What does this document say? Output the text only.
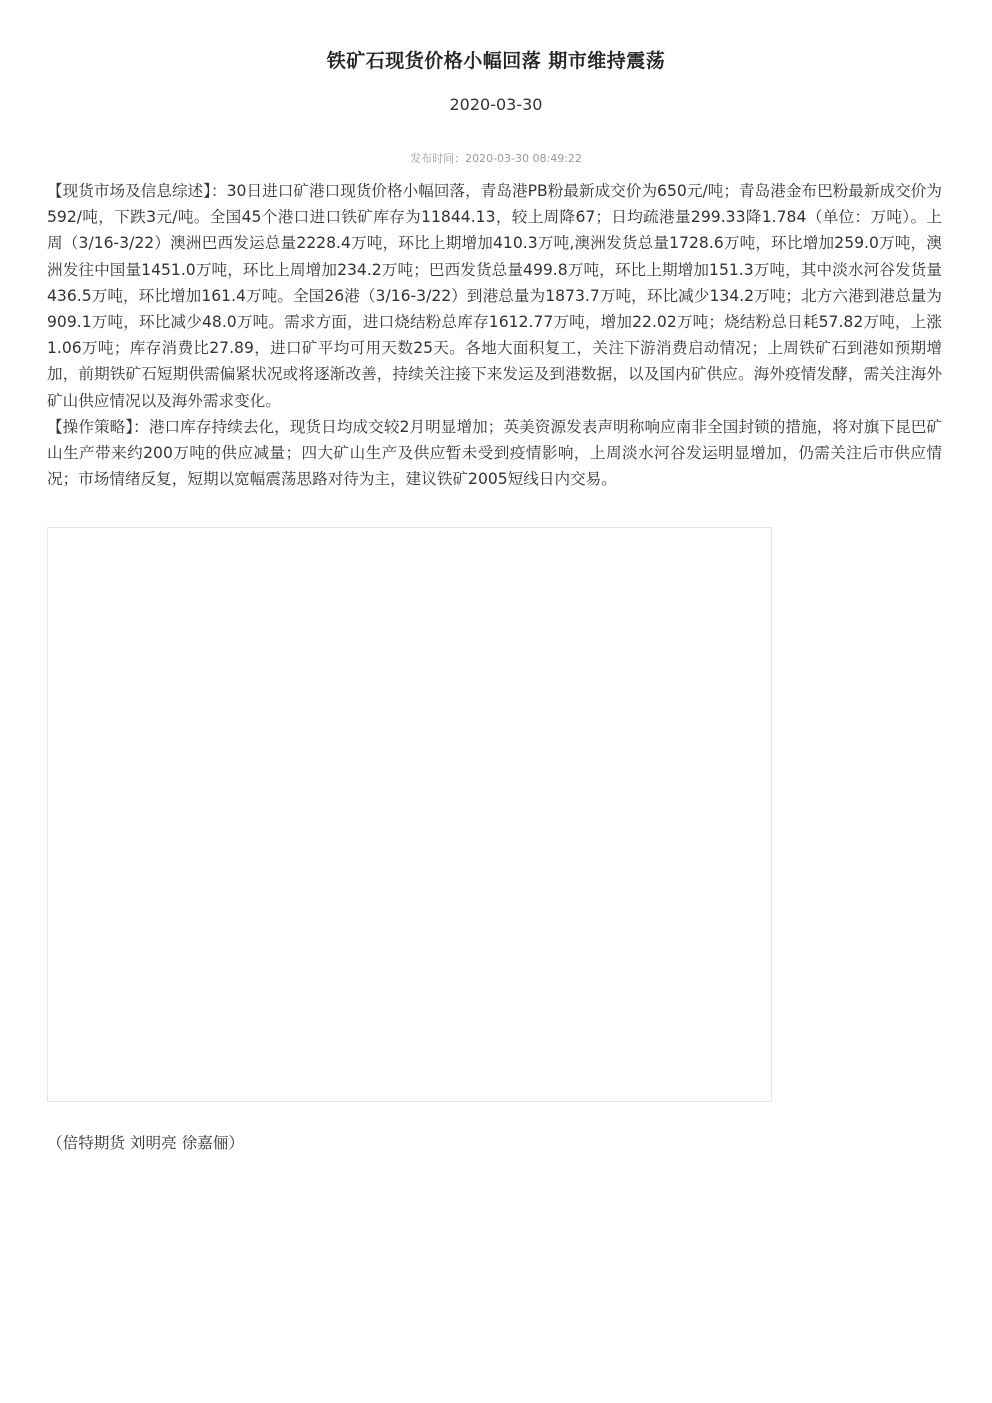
铁矿石现货价格小幅回落 期市维持震荡
2020-03-30
发布时间：2020-03-30 08:49:22

【现货市场及信息综述】：30日进口矿港口现货价格小幅回落，青岛港PB粉最新成交价为650元/吨；青岛港金布巴粉最新成交价为592/吨，下跌3元/吨。全国45个港口进口铁矿库存为11844.13，较上周降67；日均疏港量299.33降1.784（单位：万吨）。上周（3/16-3/22）澳洲巴西发运总量2228.4万吨，环比上期增加410.3万吨,澳洲发货总量1728.6万吨，环比增加259.0万吨，澳洲发往中国量1451.0万吨，环比上周增加234.2万吨；巴西发货总量499.8万吨，环比上期增加151.3万吨，其中淡水河谷发货量436.5万吨，环比增加161.4万吨。全国26港（3/16-3/22）到港总量为1873.7万吨，环比减少134.2万吨；北方六港到港总量为909.1万吨，环比减少48.0万吨。需求方面，进口烧结粉总库存1612.77万吨，增加22.02万吨；烧结粉总日耗57.82万吨，上涨1.06万吨；库存消费比27.89，进口矿平均可用天数25天。各地大面积复工，关注下游消费启动情况；上周铁矿石到港如预期增加，前期铁矿石短期供需偏紧状况或将逐渐改善，持续关注接下来发运及到港数据，以及国内矿供应。海外疫情发酵，需关注海外矿山供应情况以及海外需求变化。

【操作策略】：港口库存持续去化，现货日均成交较2月明显增加；英美资源发表声明称响应南非全国封锁的措施，将对旗下昆巴矿山生产带来约200万吨的供应减量；四大矿山生产及供应暂未受到疫情影响，上周淡水河谷发运明显增加，仍需关注后市供应情况；市场情绪反复，短期以宽幅震荡思路对待为主，建议铁矿2005短线日内交易。

（倍特期货 刘明亮 徐嘉俪）
